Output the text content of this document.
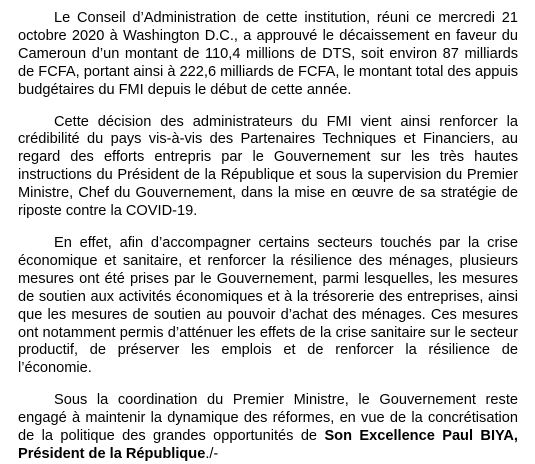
Le Conseil d’Administration de cette institution, réuni ce mercredi 21 octobre 2020 à Washington D.C., a approuvé le décaissement en faveur du Cameroun d’un montant de 110,4 millions de DTS, soit environ 87 milliards de FCFA, portant ainsi à 222,6 milliards de FCFA, le montant total des appuis budgétaires du FMI depuis le début de cette année.

Cette décision des administrateurs du FMI vient ainsi renforcer la crédibilité du pays vis-à-vis des Partenaires Techniques et Financiers, au regard des efforts entrepris par le Gouvernement sur les très hautes instructions du Président de la République et sous la supervision du Premier Ministre, Chef du Gouvernement, dans la mise en œuvre de sa stratégie de riposte contre la COVID-19.

En effet, afin d’accompagner certains secteurs touchés par la crise économique et sanitaire, et renforcer la résilience des ménages, plusieurs mesures ont été prises par le Gouvernement, parmi lesquelles, les mesures de soutien aux activités économiques et à la trésorerie des entreprises, ainsi que les mesures de soutien au pouvoir d’achat des ménages. Ces mesures ont notamment permis d’atténuer les effets de la crise sanitaire sur le secteur productif, de préserver les emplois et de renforcer la résilience de l’économie.

Sous la coordination du Premier Ministre, le Gouvernement reste engagé à maintenir la dynamique des réformes, en vue de la concrétisation de la politique des grandes opportunités de Son Excellence Paul BIYA, Président de la République./-
